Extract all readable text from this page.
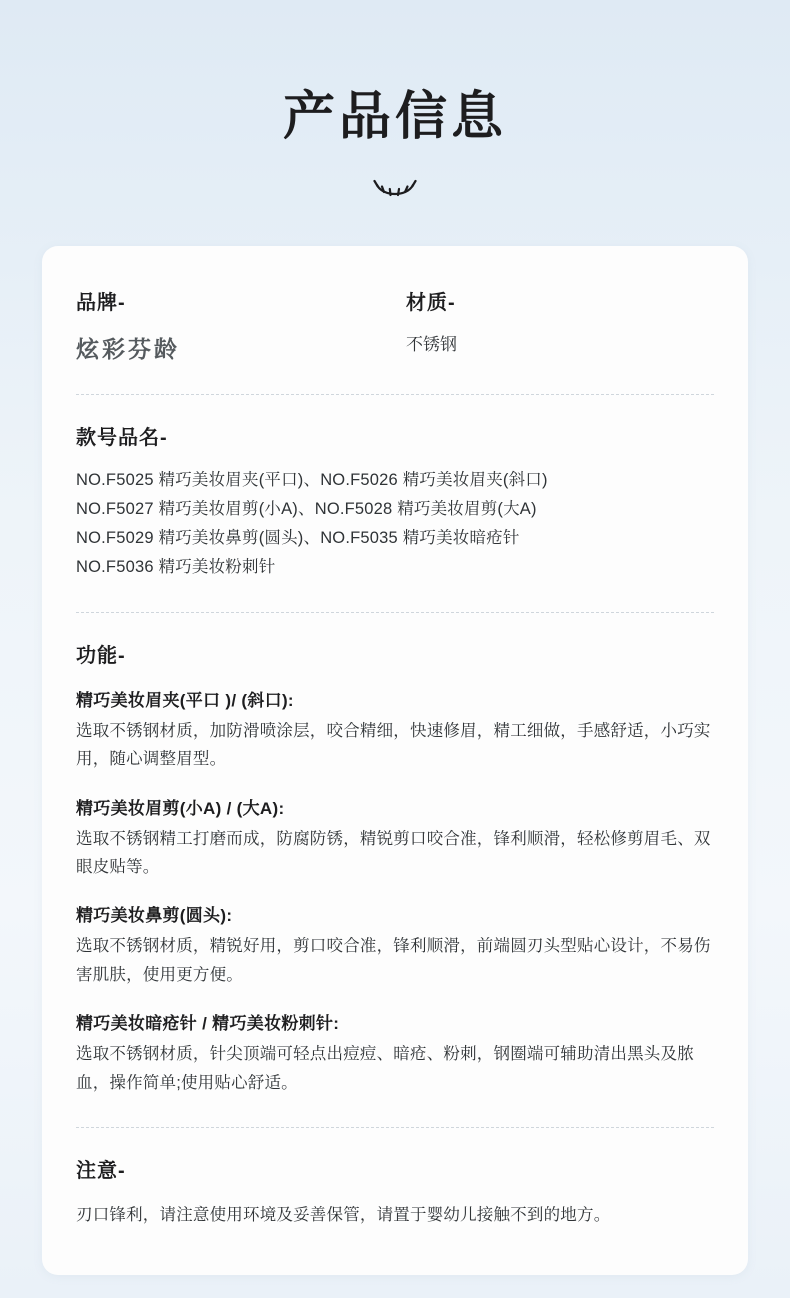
产品信息

品牌-

炫彩芬龄

材质-

不锈钢

款号品名-

NO.F5025 精巧美妆眉夹(平口)、NO.F5026 精巧美妆眉夹(斜口)

NO.F5027 精巧美妆眉剪(小A)、NO.F5028 精巧美妆眉剪(大A)

NO.F5029 精巧美妆鼻剪(圆头)、NO.F5035 精巧美妆暗疮针

NO.F5036 精巧美妆粉刺针

功能-

精巧美妆眉夹(平口 )/ (斜口):

选取不锈钢材质，加防滑喷涂层，咬合精细，快速修眉，精工细做，手感舒适，小巧实用，随心调整眉型。

精巧美妆眉剪(小A) / (大A):

选取不锈钢精工打磨而成，防腐防锈，精锐剪口咬合准，锋利顺滑，轻松修剪眉毛、双眼皮贴等。

精巧美妆鼻剪(圆头):

选取不锈钢材质，精锐好用，剪口咬合准，锋利顺滑，前端圆刃头型贴心设计，不易伤害肌肤，使用更方便。

精巧美妆暗疮针 / 精巧美妆粉刺针:

选取不锈钢材质，针尖顶端可轻点出痘痘、暗疮、粉刺，钢圈端可辅助清出黑头及脓血，操作简单;使用贴心舒适。

注意-

刃口锋利，请注意使用环境及妥善保管，请置于婴幼儿接触不到的地方。
